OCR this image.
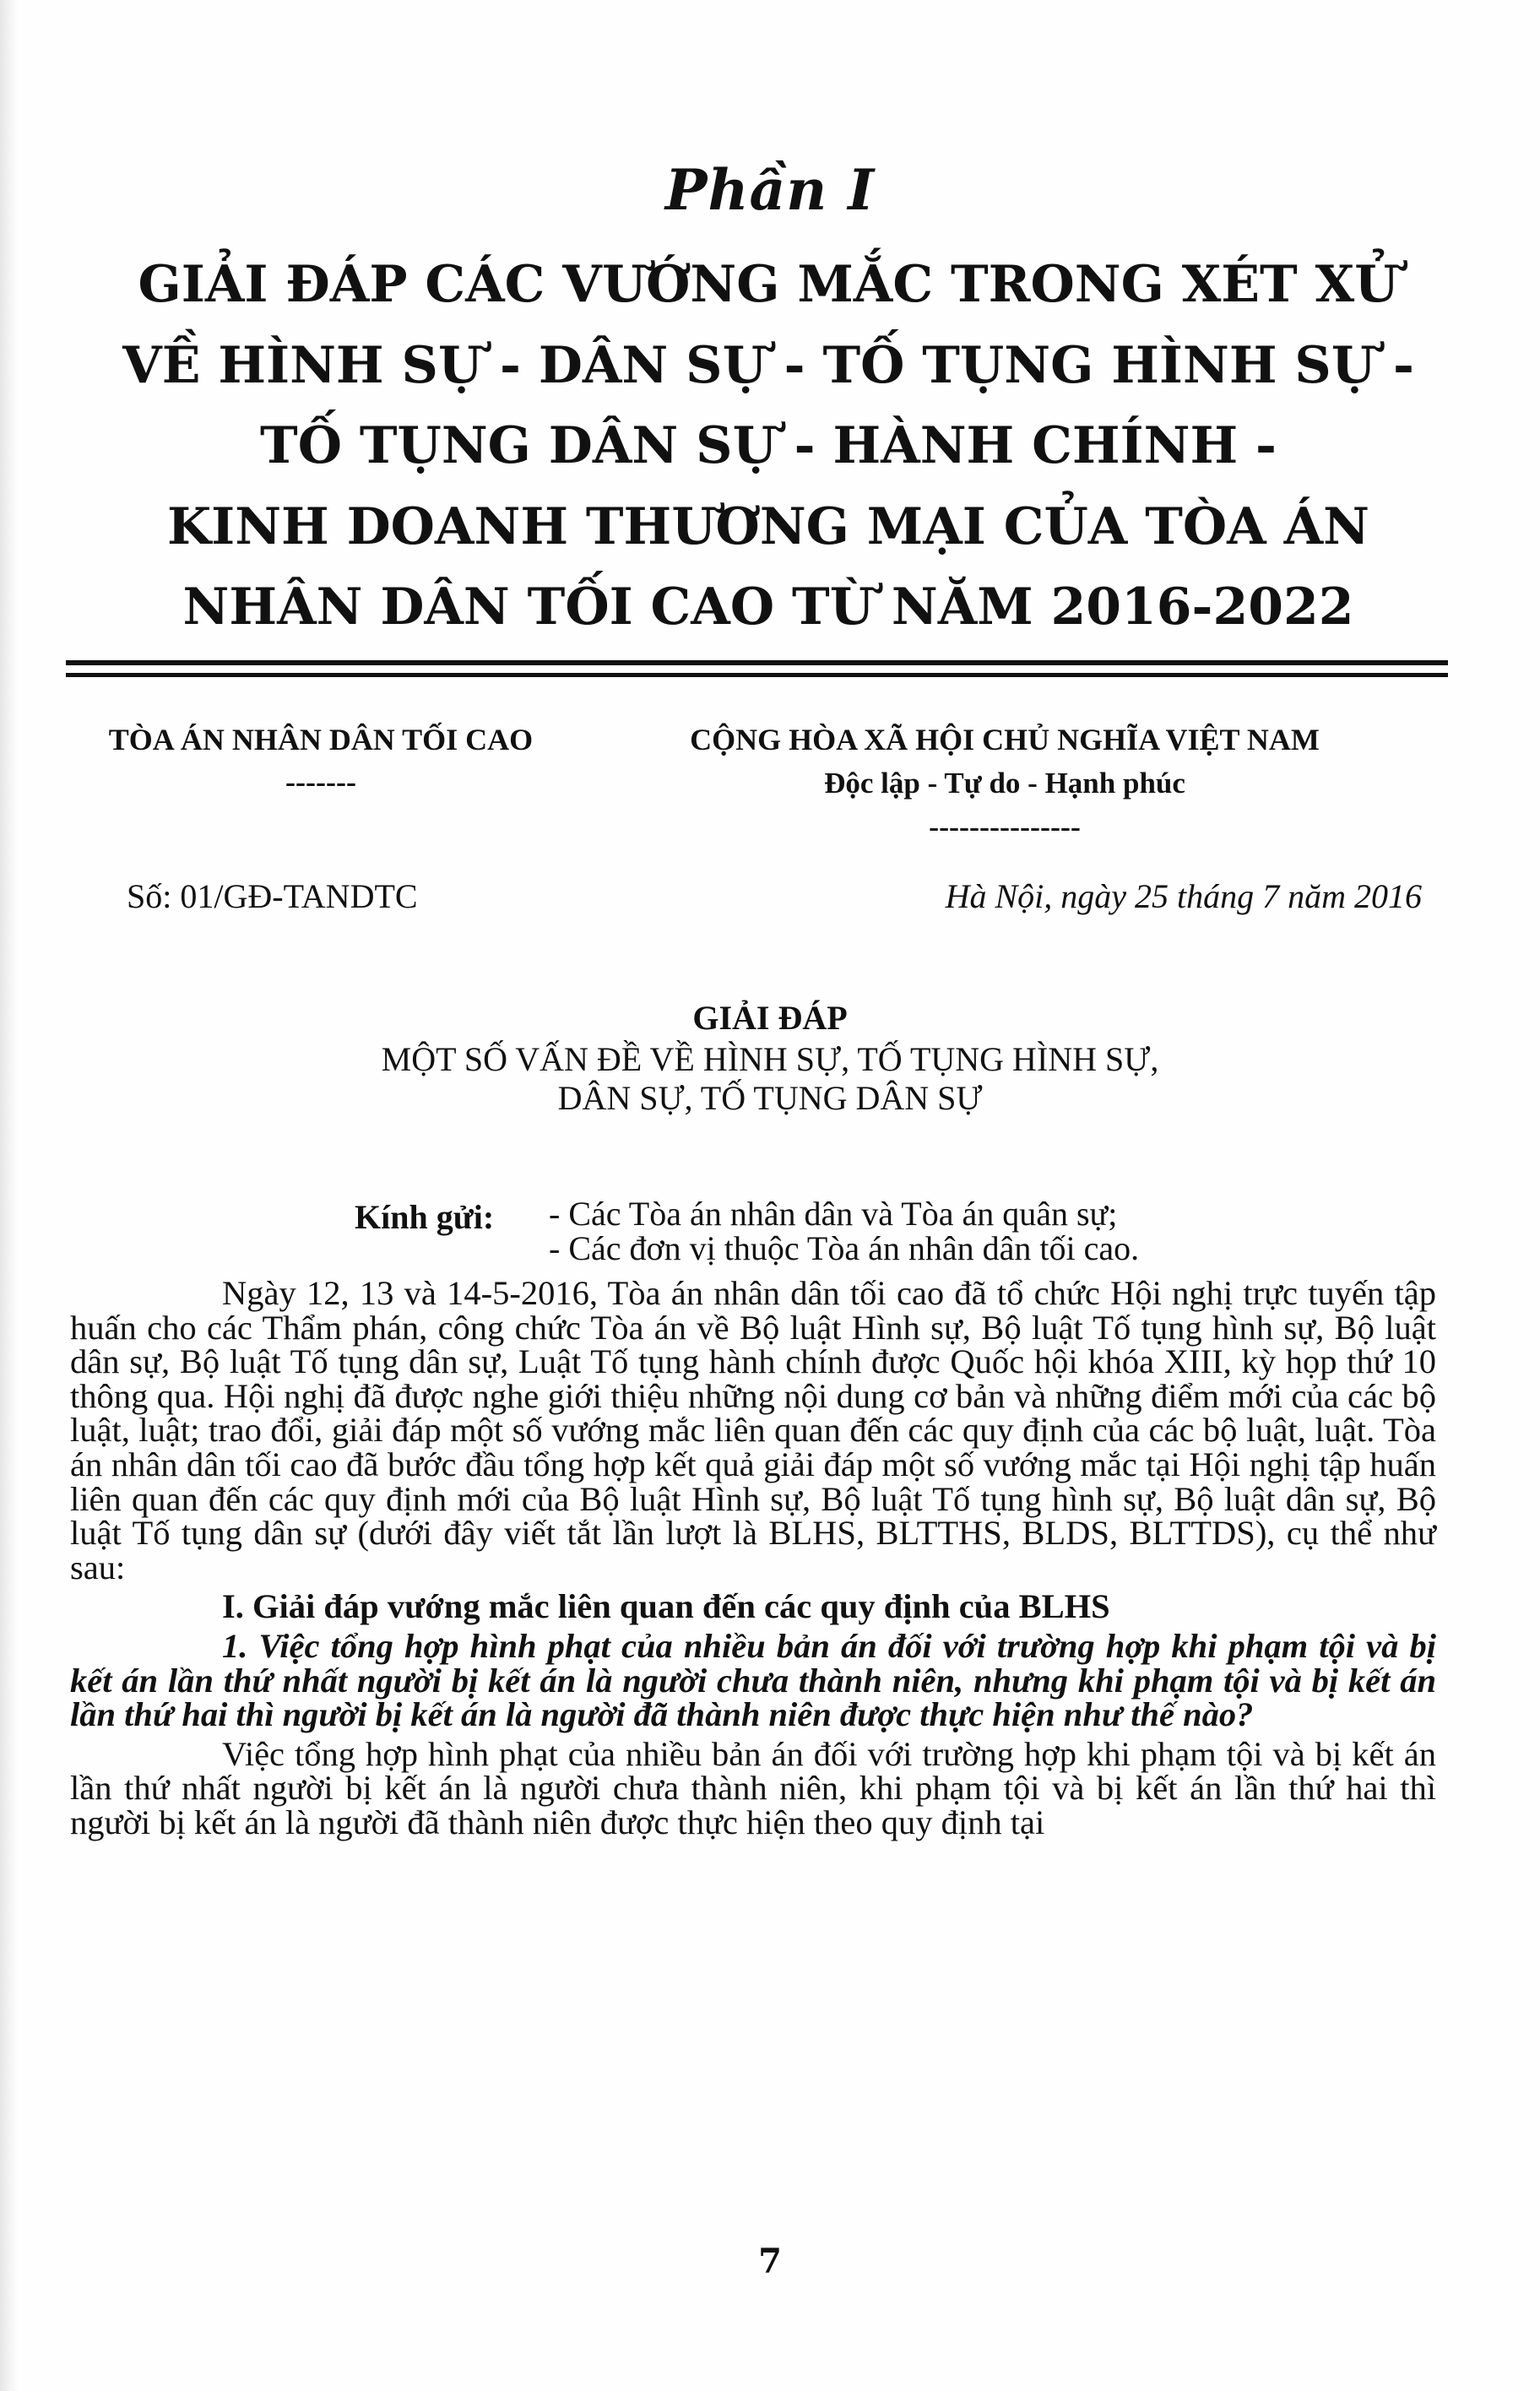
Phần I
GIẢI ĐÁP CÁC VƯỚNG MẮC TRONG XÉT XỬ
VỀ HÌNH SỰ - DÂN SỰ - TỐ TỤNG HÌNH SỰ -
TỐ TỤNG DÂN SỰ - HÀNH CHÍNH -
KINH DOANH THƯƠNG MẠI CỦA TÒA ÁN
NHÂN DÂN TỐI CAO TỪ NĂM 2016-2022
TÒA ÁN NHÂN DÂN TỐI CAO
-------
CỘNG HÒA XÃ HỘI CHỦ NGHĨA VIỆT NAM
Độc lập - Tự do - Hạnh phúc
---------------
Số: 01/GĐ-TANDTC	Hà Nội, ngày 25 tháng 7 năm 2016
GIẢI ĐÁP
MỘT SỐ VẤN ĐỀ VỀ HÌNH SỰ, TỐ TỤNG HÌNH SỰ,
DÂN SỰ, TỐ TỤNG DÂN SỰ
Kính gửi: - Các Tòa án nhân dân và Tòa án quân sự;
- Các đơn vị thuộc Tòa án nhân dân tối cao.

Ngày 12, 13 và 14-5-2016, Tòa án nhân dân tối cao đã tổ chức Hội nghị trực tuyến tập huấn cho các Thẩm phán, công chức Tòa án về Bộ luật Hình sự, Bộ luật Tố tụng hình sự, Bộ luật dân sự, Bộ luật Tố tụng dân sự, Luật Tố tụng hành chính được Quốc hội khóa XIII, kỳ họp thứ 10 thông qua. Hội nghị đã được nghe giới thiệu những nội dung cơ bản và những điểm mới của các bộ luật, luật; trao đổi, giải đáp một số vướng mắc liên quan đến các quy định của các bộ luật, luật. Tòa án nhân dân tối cao đã bước đầu tổng hợp kết quả giải đáp một số vướng mắc tại Hội nghị tập huấn liên quan đến các quy định mới của Bộ luật Hình sự, Bộ luật Tố tụng hình sự, Bộ luật dân sự, Bộ luật Tố tụng dân sự (dưới đây viết tắt lần lượt là BLHS, BLTTHS, BLDS, BLTTDS), cụ thể như sau:

I. Giải đáp vướng mắc liên quan đến các quy định của BLHS

1. Việc tổng hợp hình phạt của nhiều bản án đối với trường hợp khi phạm tội và bị kết án lần thứ nhất người bị kết án là người chưa thành niên, nhưng khi phạm tội và bị kết án lần thứ hai thì người bị kết án là người đã thành niên được thực hiện như thế nào?

Việc tổng hợp hình phạt của nhiều bản án đối với trường hợp khi phạm tội và bị kết án lần thứ nhất người bị kết án là người chưa thành niên, khi phạm tội và bị kết án lần thứ hai thì người bị kết án là người đã thành niên được thực hiện theo quy định tại

7
